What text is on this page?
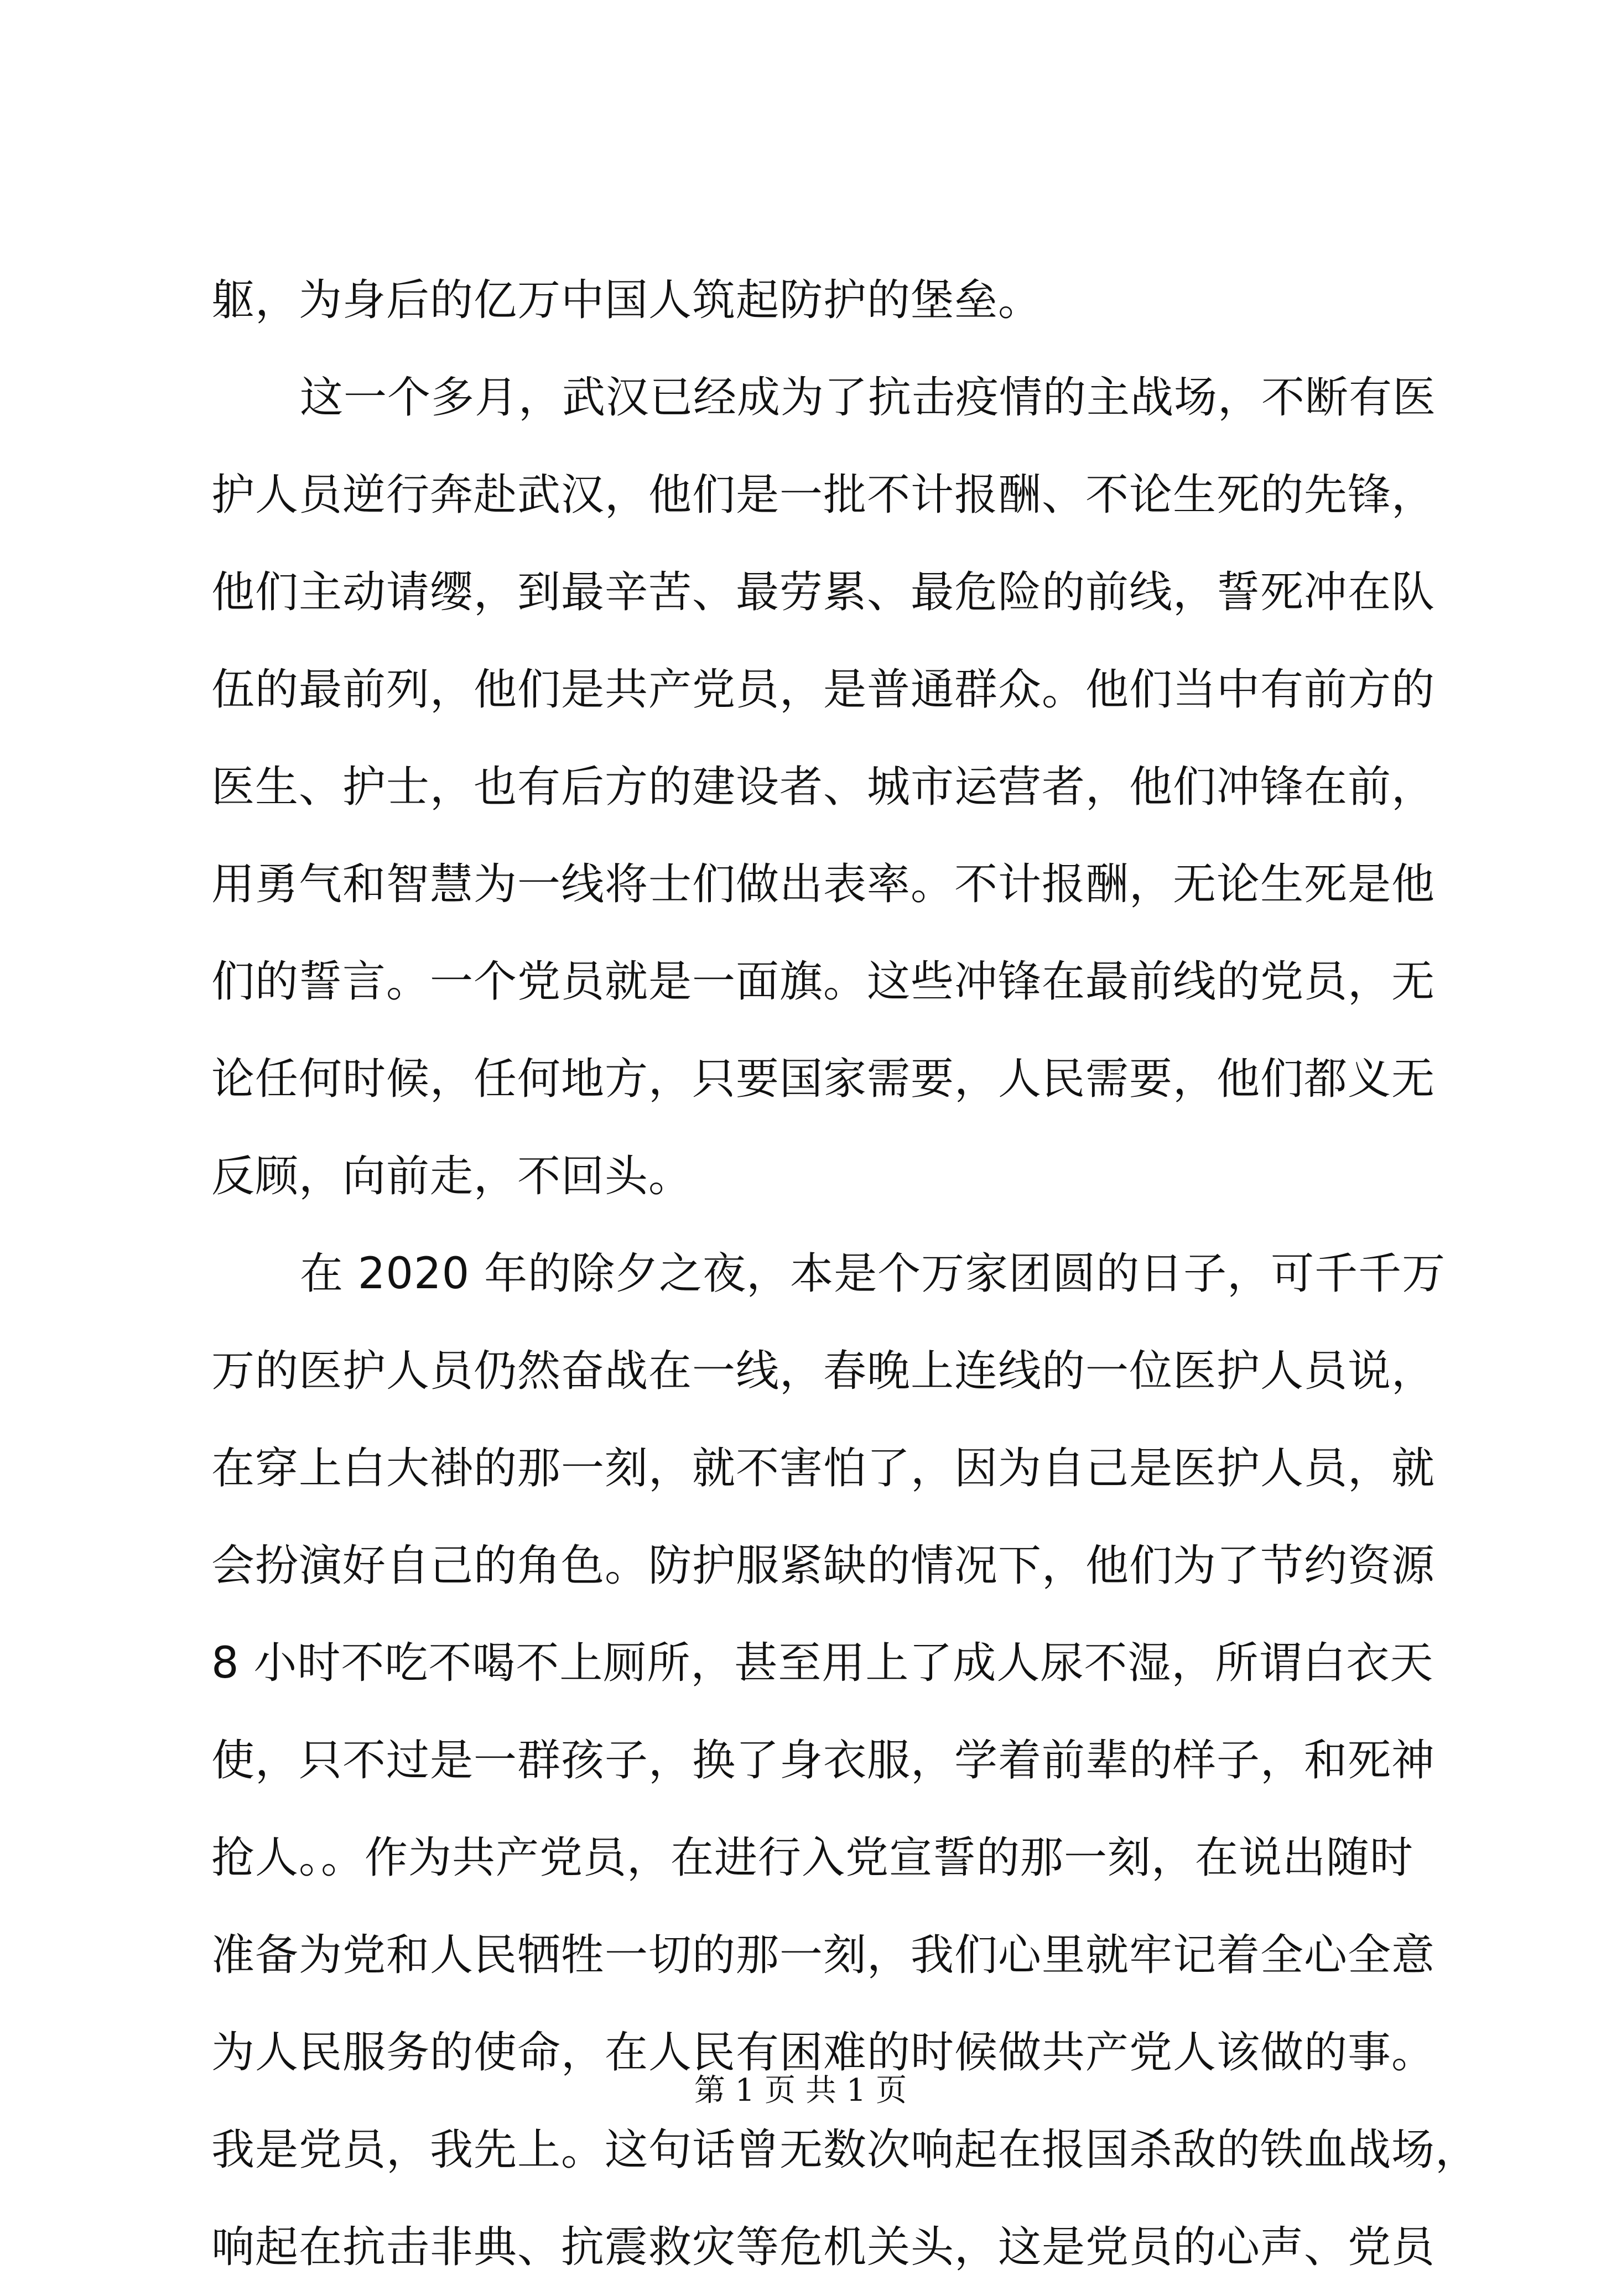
躯，为身后的亿万中国人筑起防护的堡垒。

这一个多月，武汉已经成为了抗击疫情的主战场，不断有医

护人员逆行奔赴武汉，他们是一批不计报酬、不论生死的先锋，

他们主动请缨，到最辛苦、最劳累、最危险的前线，誓死冲在队

伍的最前列，他们是共产党员，是普通群众。他们当中有前方的

医生、护士，也有后方的建设者、城市运营者，他们冲锋在前，

用勇气和智慧为一线将士们做出表率。不计报酬，无论生死是他

们的誓言。一个党员就是一面旗。这些冲锋在最前线的党员，无

论任何时候，任何地方，只要国家需要，人民需要，他们都义无

反顾，向前走，不回头。

在 2020 年的除夕之夜，本是个万家团圆的日子，可千千万

万的医护人员仍然奋战在一线，春晚上连线的一位医护人员说，

在穿上白大褂的那一刻，就不害怕了，因为自己是医护人员，就

会扮演好自己的角色。防护服紧缺的情况下，他们为了节约资源

8 小时不吃不喝不上厕所，甚至用上了成人尿不湿，所谓白衣天

使，只不过是一群孩子，换了身衣服，学着前辈的样子，和死神

抢人。。作为共产党员，在进行入党宣誓的那一刻，在说出随时

准备为党和人民牺牲一切的那一刻，我们心里就牢记着全心全意

为人民服务的使命，在人民有困难的时候做共产党人该做的事。

我是党员，我先上。这句话曾无数次响起在报国杀敌的铁血战场，

响起在抗击非典、抗震救灾等危机关头，这是党员的心声、党员

第 1 页 共 1 页
